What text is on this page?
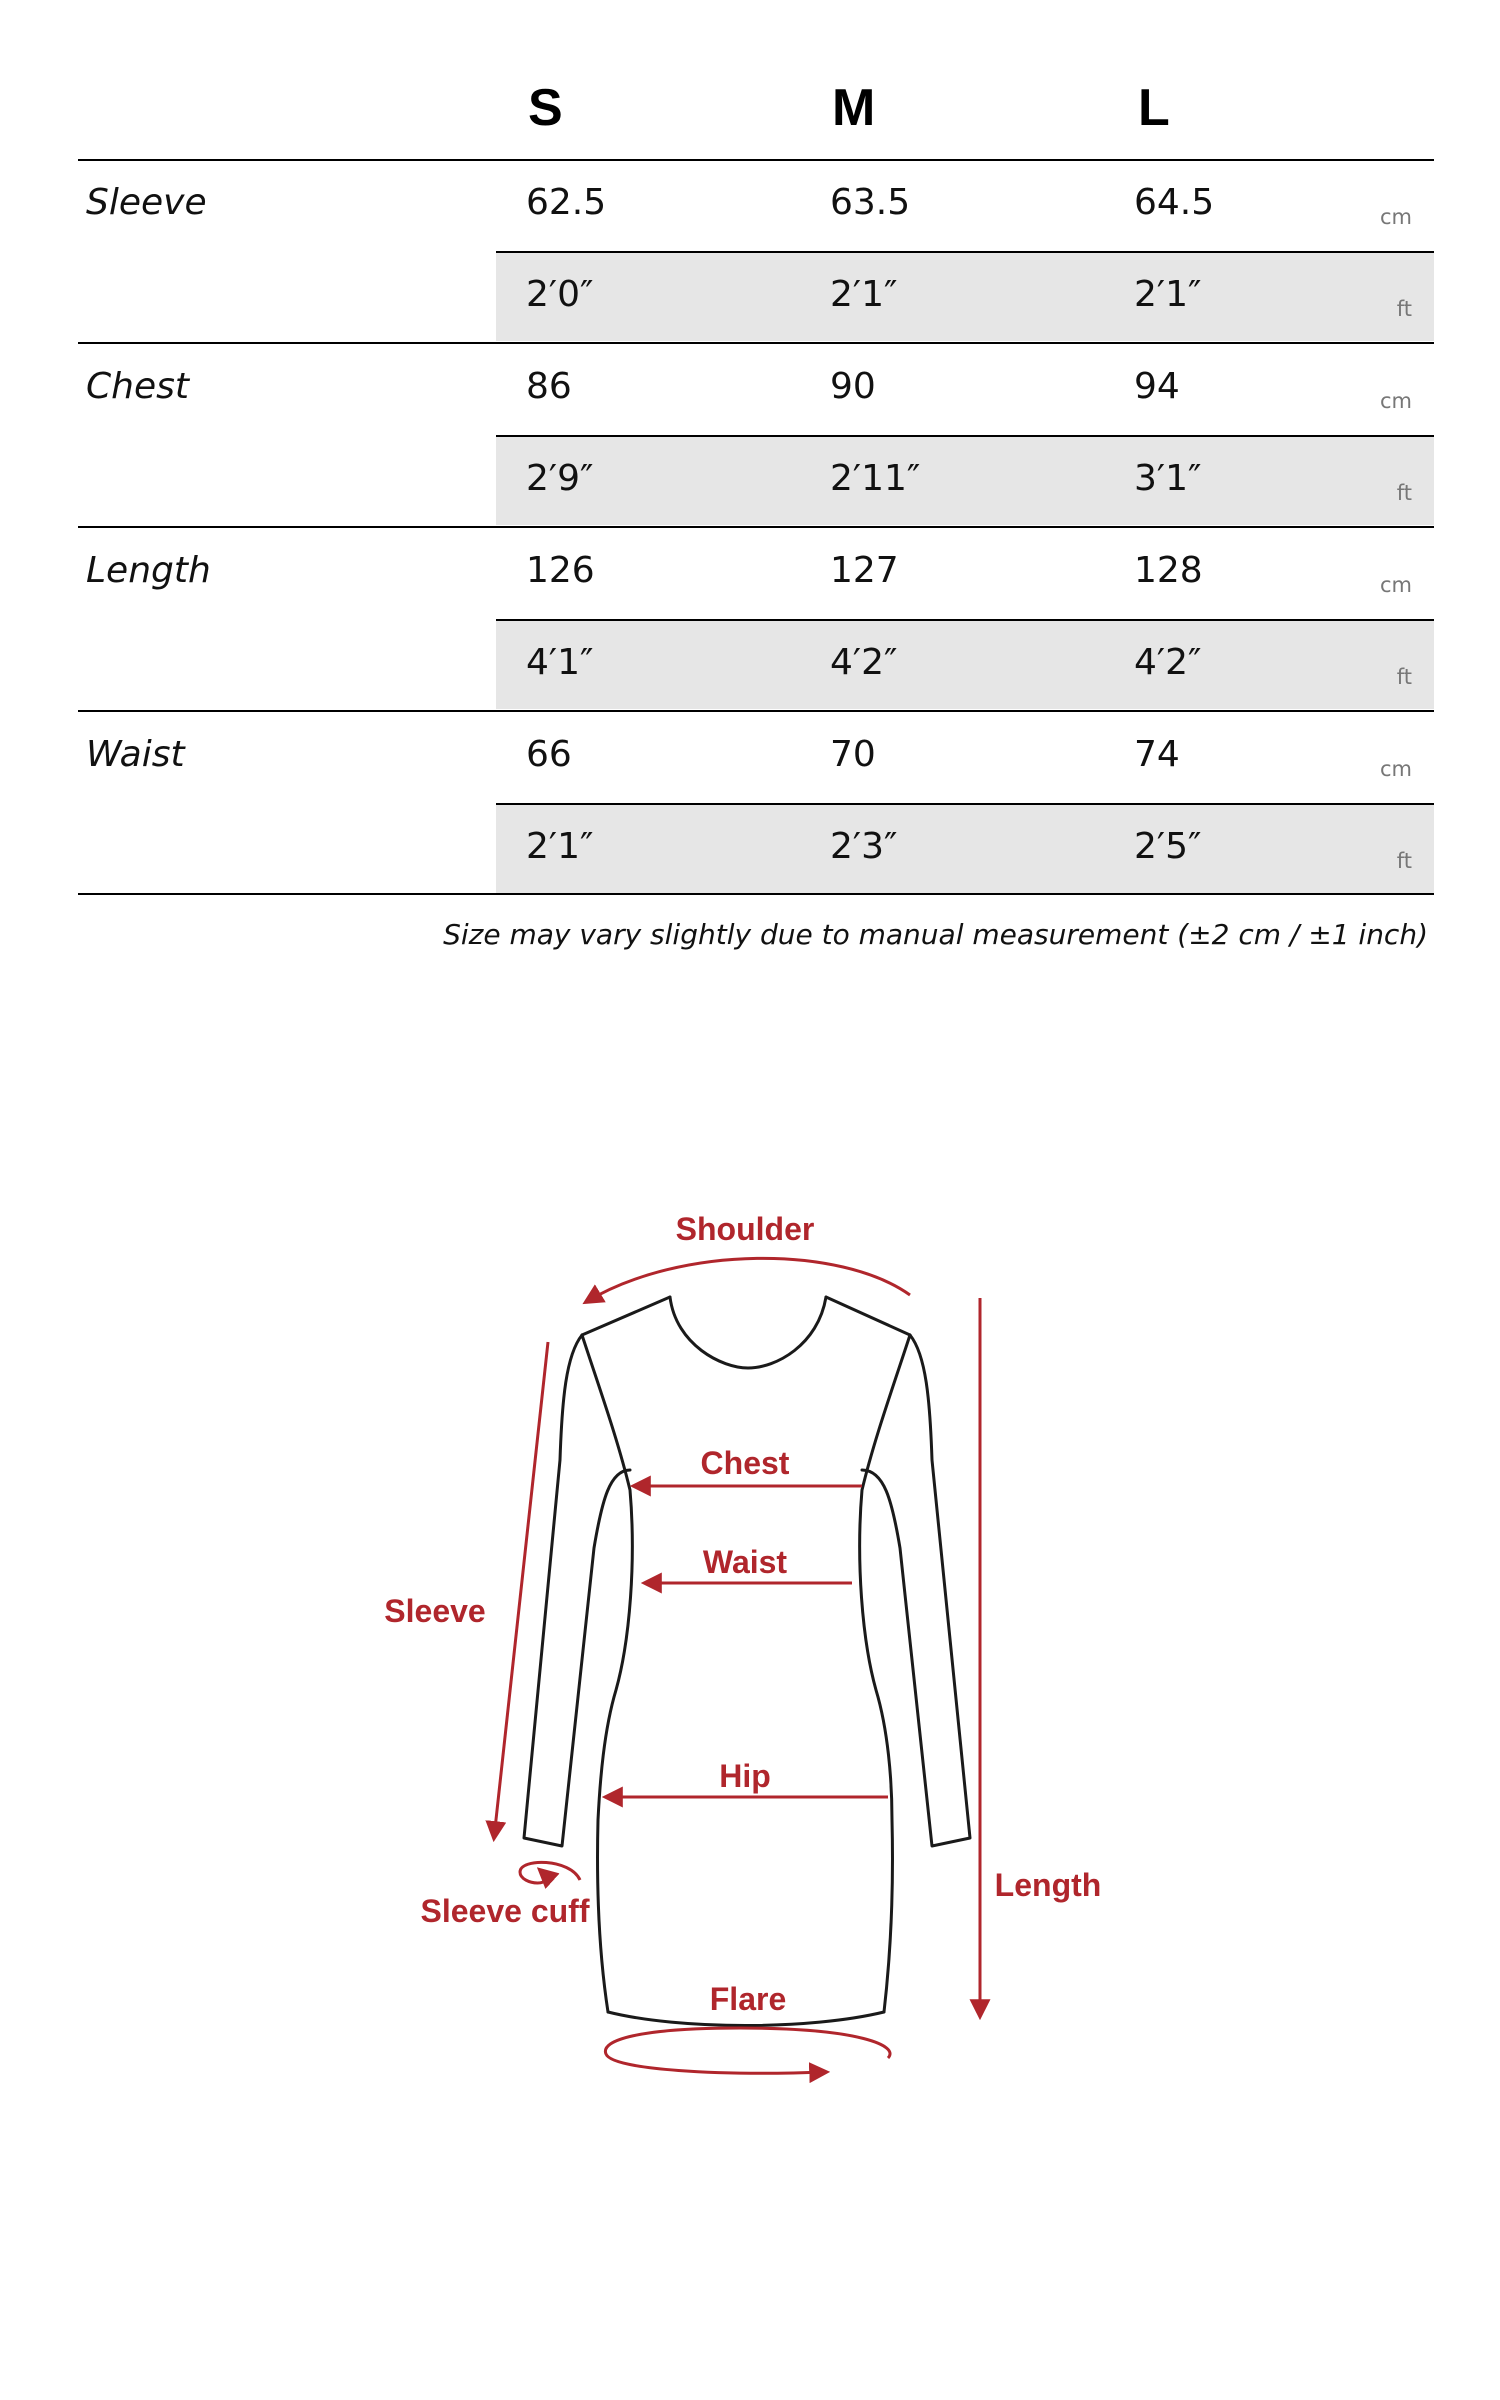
S	M	L
Sleeve	62.5	63.5	64.5	cm
2′0″	2′1″	2′1″	ft
Chest	86	90	94	cm
2′9″	2′11″	3′1″	ft
Length	126	127	128	cm
4′1″	4′2″	4′2″	ft
Waist	66	70	74	cm
2′1″	2′3″	2′5″	ft
Size may vary slightly due to manual measurement (±2 cm / ±1 inch)
Shoulder
Chest
Waist
Sleeve
Hip
Length
Sleeve cuff
Flare
